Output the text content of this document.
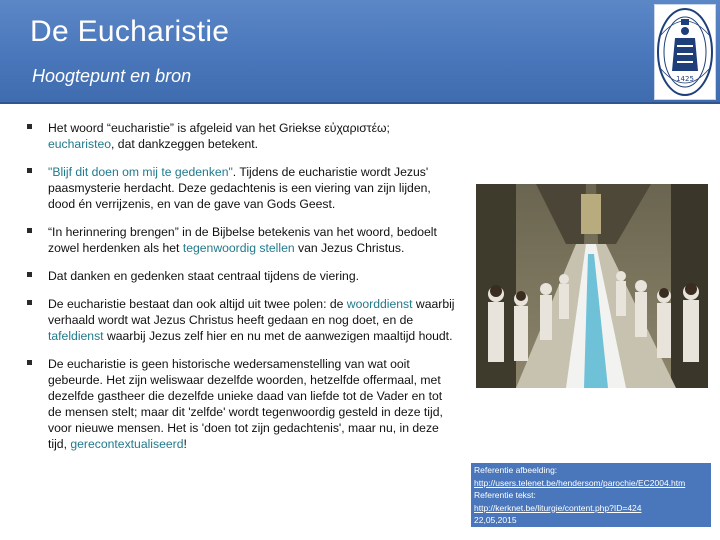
De Eucharistie
Hoogtepunt en bron	1425
Het woord “eucharistie” is afgeleid van het Griekse εὐχαριστέω; eucharisteo, dat dankzeggen betekent.
"Blijf dit doen om mij te gedenken". Tijdens de eucharistie wordt Jezus' paasmysterie herdacht. Deze gedachtenis is een viering van zijn lijden, dood én verrijzenis, en van de gave van Gods Geest.
“In herinnering brengen” in de Bijbelse betekenis van het woord, bedoelt zowel herdenken als het tegenwoordig stellen van Jezus Christus.
Dat danken en gedenken staat centraal tijdens de viering.
De eucharistie bestaat dan ook altijd uit twee polen: de woorddienst waarbij verhaald wordt wat Jezus Christus heeft gedaan en nog doet, en de tafeldienst waarbij Jezus zelf hier en nu met de aanwezigen maaltijd houdt.
De eucharistie is geen historische wedersamenstelling van wat ooit gebeurde. Het zijn weliswaar dezelfde woorden, hetzelfde offermaal, met dezelfde gastheer die dezelfde unieke daad van liefde tot de Vader en tot de mensen stelt; maar dit 'zelfde' wordt tegenwoordig gesteld in deze tijd, voor nieuwe mensen. Het is 'doen tot zijn gedachtenis', maar nu, in deze tijd, gerecontextualiseerd!
Referentie afbeelding:
http://users.telenet.be/hendersom/parochie/EC2004.htm
Referentie tekst:
http://kerknet.be/liturgie/content.php?ID=424
22,05,2015
